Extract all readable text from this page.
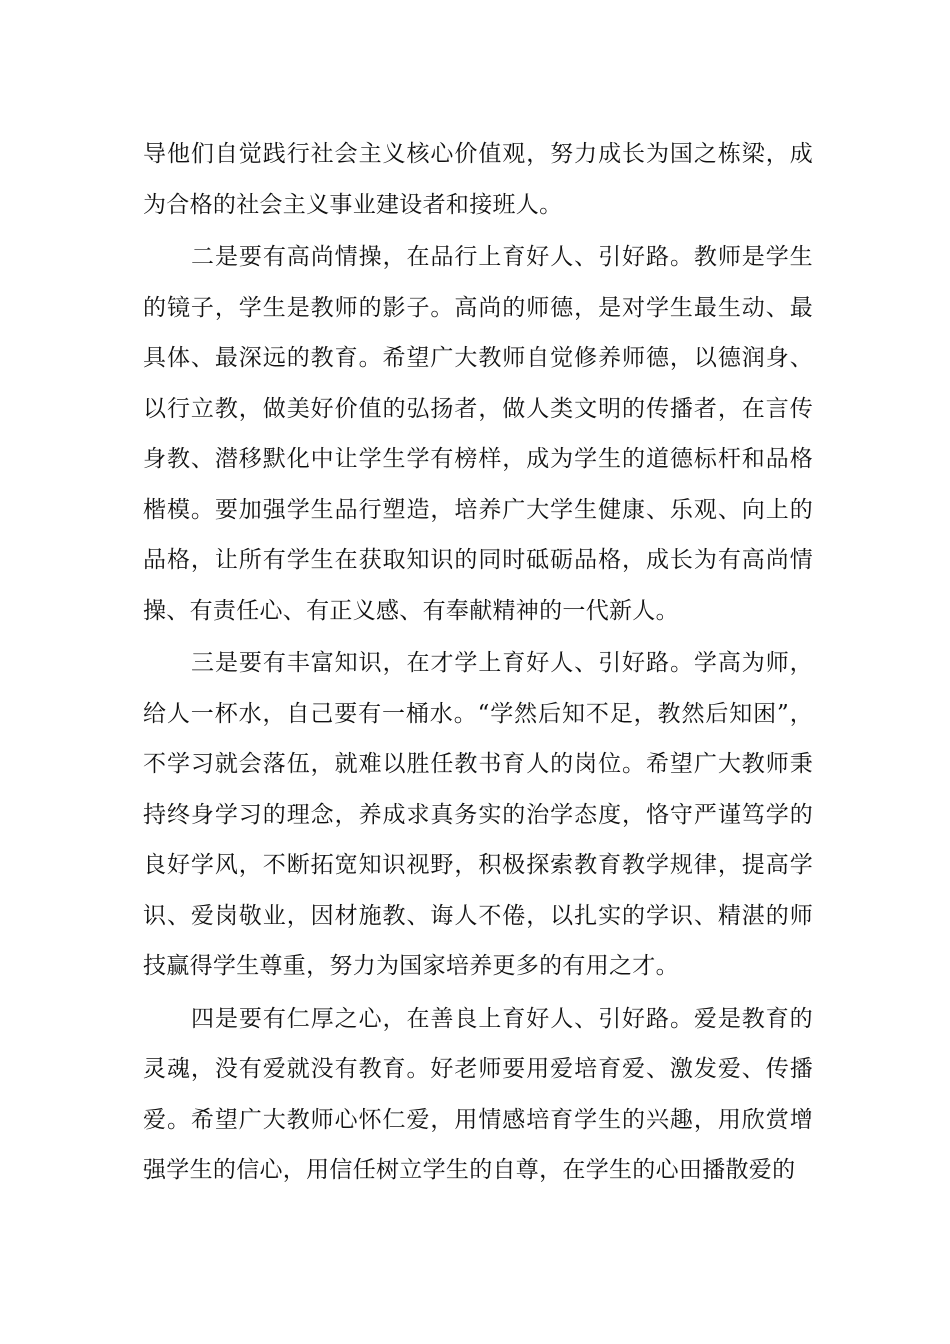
导他们自觉践行社会主义核心价值观，努力成长为国之栋梁，成为合格的社会主义事业建设者和接班人。

二是要有高尚情操，在品行上育好人、引好路。教师是学生的镜子，学生是教师的影子。高尚的师德，是对学生最生动、最具体、最深远的教育。希望广大教师自觉修养师德，以德润身、以行立教，做美好价值的弘扬者，做人类文明的传播者，在言传身教、潜移默化中让学生学有榜样，成为学生的道德标杆和品格楷模。要加强学生品行塑造，培养广大学生健康、乐观、向上的品格，让所有学生在获取知识的同时砥砺品格，成长为有高尚情操、有责任心、有正义感、有奉献精神的一代新人。

三是要有丰富知识，在才学上育好人、引好路。学高为师，给人一杯水，自己要有一桶水。“学然后知不足，教然后知困”，不学习就会落伍，就难以胜任教书育人的岗位。希望广大教师秉持终身学习的理念，养成求真务实的治学态度，恪守严谨笃学的良好学风，不断拓宽知识视野，积极探索教育教学规律，提高学识、爱岗敬业，因材施教、诲人不倦，以扎实的学识、精湛的师技赢得学生尊重，努力为国家培养更多的有用之才。

四是要有仁厚之心，在善良上育好人、引好路。爱是教育的灵魂，没有爱就没有教育。好老师要用爱培育爱、激发爱、传播爱。希望广大教师心怀仁爱，用情感培育学生的兴趣，用欣赏增强学生的信心，用信任树立学生的自尊，在学生的心田播散爱的
